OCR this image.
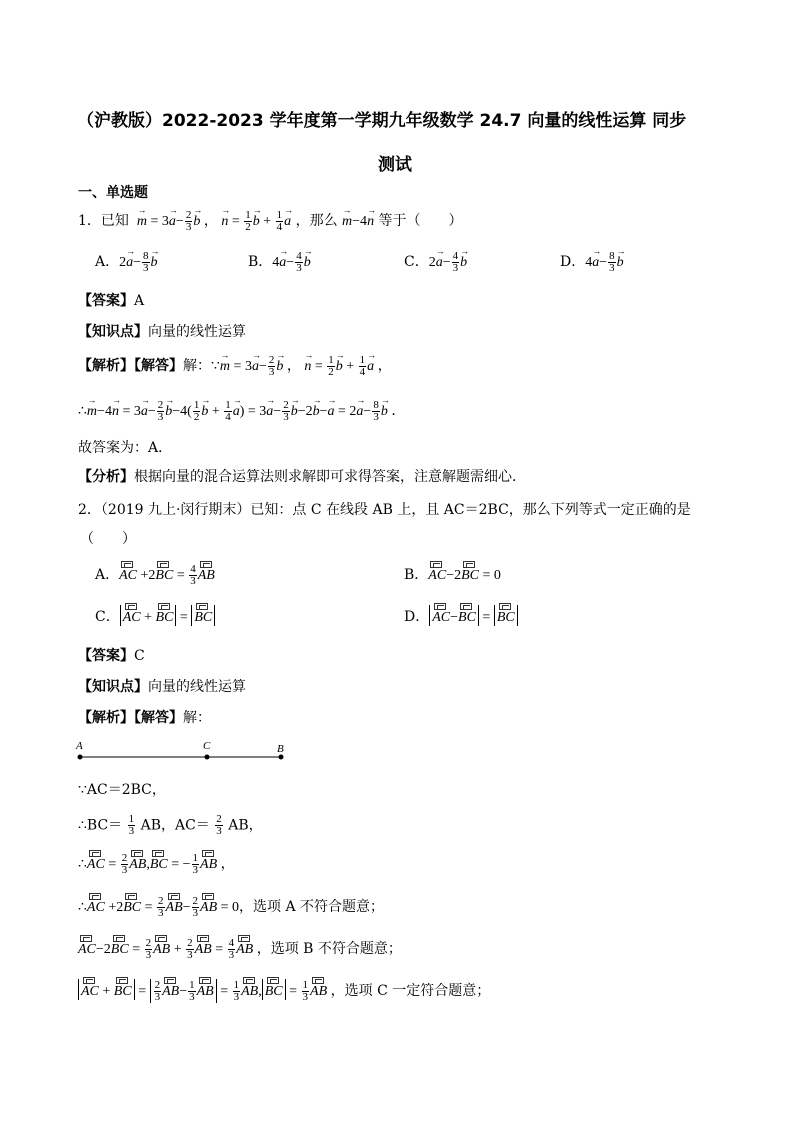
（沪教版）2022-2023 学年度第一学期九年级数学 24.7 向量的线性运算 同步
测试
一、单选题
1．已知  → $m = 3\to a- \frac{2}{3}$
→ b ， → $n = \frac{1}{2}$
→ $b + \frac{1}{4}$
→ a ，那么 → m−4→ n 等于（　　）
A．$2\to a- \frac{8}{3}$
→ b	B．$4\to a- \frac{4}{3}$
→ b	C．$2\to a- \frac{4}{3}$
→ b	D．$4\to a- \frac{8}{3}$
→ b
【答案】A
【知识点】向量的线性运算
【解析】【解答】解：∵→ $m = 3\to a- \frac{2}{3}$
→ b ， → $n = \frac{1}{2}$
→ $b + \frac{1}{4}$
→ a ，
∴→ $m-4\to n = 3\to a- \frac{2}{3}$
→ $b-4( \frac{1}{2}$
→ $b + \frac{1}{4}$
→ $a) = 3\to a- \frac{2}{3}$
→ $b-2\to b-\to a = 2\to a- \frac{8}{3}$
→ b ．
故答案为：A．
【分析】根据向量的混合运算法则求解即可求得答案，注意解题需细心．
2．（2019 九上·闵行期末）已知：点 C 在线段 AB 上，且 AC＝2BC，那么下列等式一定正确的是
（　　）
A．AC $+2BC = \frac{4}{3}$ AB	B．AC−2BC = 0
C． AC + BC = BC	D． AC−BC = BC
【答案】C
【知识点】向量的线性运算
【解析】【解答】解：
A	C	B
∵AC＝2BC，
∴BC＝ $\frac{1}{3}$ AB，$AC= \frac{2}{3}$ AB，
∴AC = $\frac{2}{3} AB,BC$ = − $\frac{1}{3}$ AB ，
∴AC $+2BC = \frac{2}{3} AB- \frac{2}{3}$ AB = 0，选项 A 不符合题意；
$AC-2BC = \frac{2}{3}$ AB + $\frac{2}{3}$ AB = $\frac{4}{3}$ AB ，选项 B 不符合题意；
AC + BC = $\frac{2}{3} AB- \frac{1}{3}$ AB = $\frac{1}{3}$ AB, BC = $\frac{1}{3}$ AB ，选项 C 一定符合题意；
